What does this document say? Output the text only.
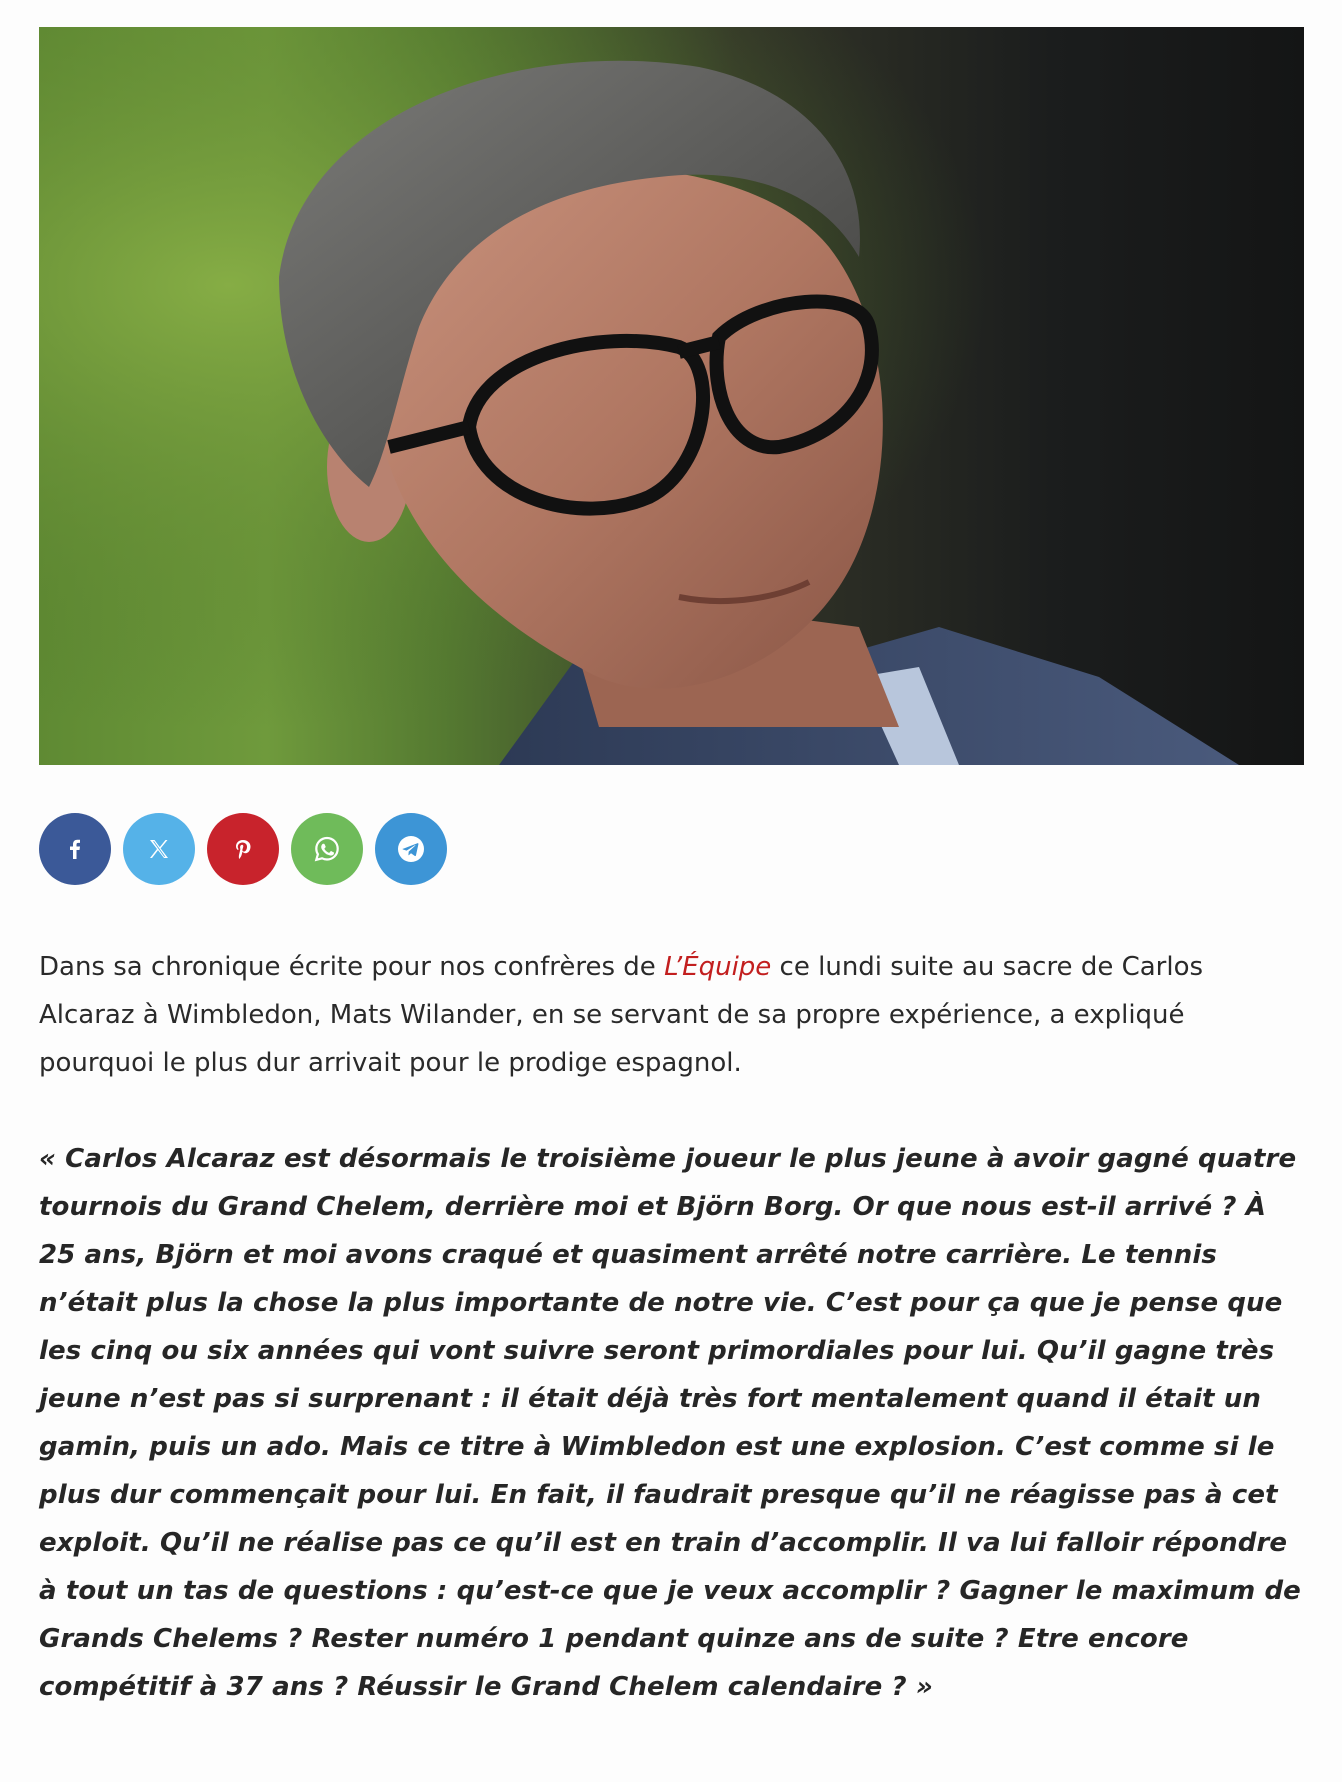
Dans sa chronique écrite pour nos confrères de L’Équipe ce lundi suite au sacre de Carlos Alcaraz à Wimbledon, Mats Wilander, en se servant de sa propre expérience, a expliqué pourquoi le plus dur arrivait pour le prodige espagnol.

« Carlos Alcaraz est désormais le troisième joueur le plus jeune à avoir gagné quatre tournois du Grand Chelem, derrière moi et Björn Borg. Or que nous est-il arrivé ? À 25 ans, Björn et moi avons craqué et quasiment arrêté notre carrière. Le tennis n’était plus la chose la plus importante de notre vie. C’est pour ça que je pense que les cinq ou six années qui vont suivre seront primordiales pour lui. Qu’il gagne très jeune n’est pas si surprenant : il était déjà très fort mentalement quand il était un gamin, puis un ado. Mais ce titre à Wimbledon est une explosion. C’est comme si le plus dur commençait pour lui. En fait, il faudrait presque qu’il ne réagisse pas à cet exploit. Qu’il ne réalise pas ce qu’il est en train d’accomplir. Il va lui falloir répondre à tout un tas de questions : qu’est-ce que je veux accomplir ? Gagner le maximum de Grands Chelems ? Rester numéro 1 pendant quinze ans de suite ? Etre encore compétitif à 37 ans ? Réussir le Grand Chelem calendaire ? »
